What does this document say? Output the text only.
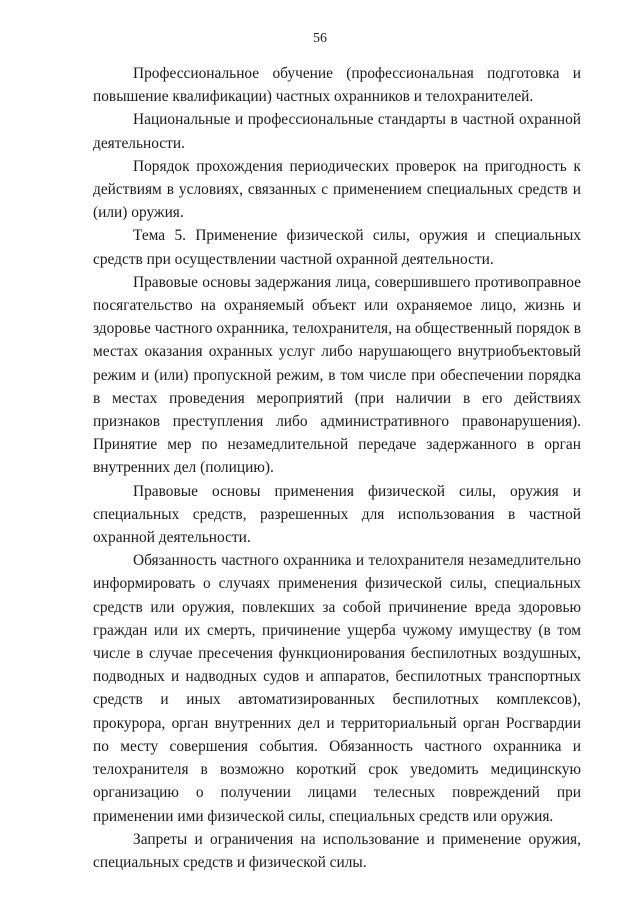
56

Профессиональное обучение (профессиональная подготовка и повышение квалификации) частных охранников и телохранителей.

Национальные и профессиональные стандарты в частной охранной деятельности.

Порядок прохождения периодических проверок на пригодность к действиям в условиях, связанных с применением специальных средств и (или) оружия.

Тема 5. Применение физической силы, оружия и специальных средств при осуществлении частной охранной деятельности.

Правовые основы задержания лица, совершившего противоправное посягательство на охраняемый объект или охраняемое лицо, жизнь и здоровье частного охранника, телохранителя, на общественный порядок в местах оказания охранных услуг либо нарушающего внутриобъектовый режим и (или) пропускной режим, в том числе при обеспечении порядка в местах проведения мероприятий (при наличии в его действиях признаков преступления либо административного правонарушения). Принятие мер по незамедлительной передаче задержанного в орган внутренних дел (полицию).

Правовые основы применения физической силы, оружия и специальных средств, разрешенных для использования в частной охранной деятельности.

Обязанность частного охранника и телохранителя незамедлительно информировать о случаях применения физической силы, специальных средств или оружия, повлекших за собой причинение вреда здоровью граждан или их смерть, причинение ущерба чужому имуществу (в том числе в случае пресечения функционирования беспилотных воздушных, подводных и надводных судов и аппаратов, беспилотных транспортных средств и иных автоматизированных беспилотных комплексов), прокурора, орган внутренних дел и территориальный орган Росгвардии по месту совершения события. Обязанность частного охранника и телохранителя в возможно короткий срок уведомить медицинскую организацию о получении лицами телесных повреждений при применении ими физической силы, специальных средств или оружия.

Запреты и ограничения на использование и применение оружия, специальных средств и физической силы.
